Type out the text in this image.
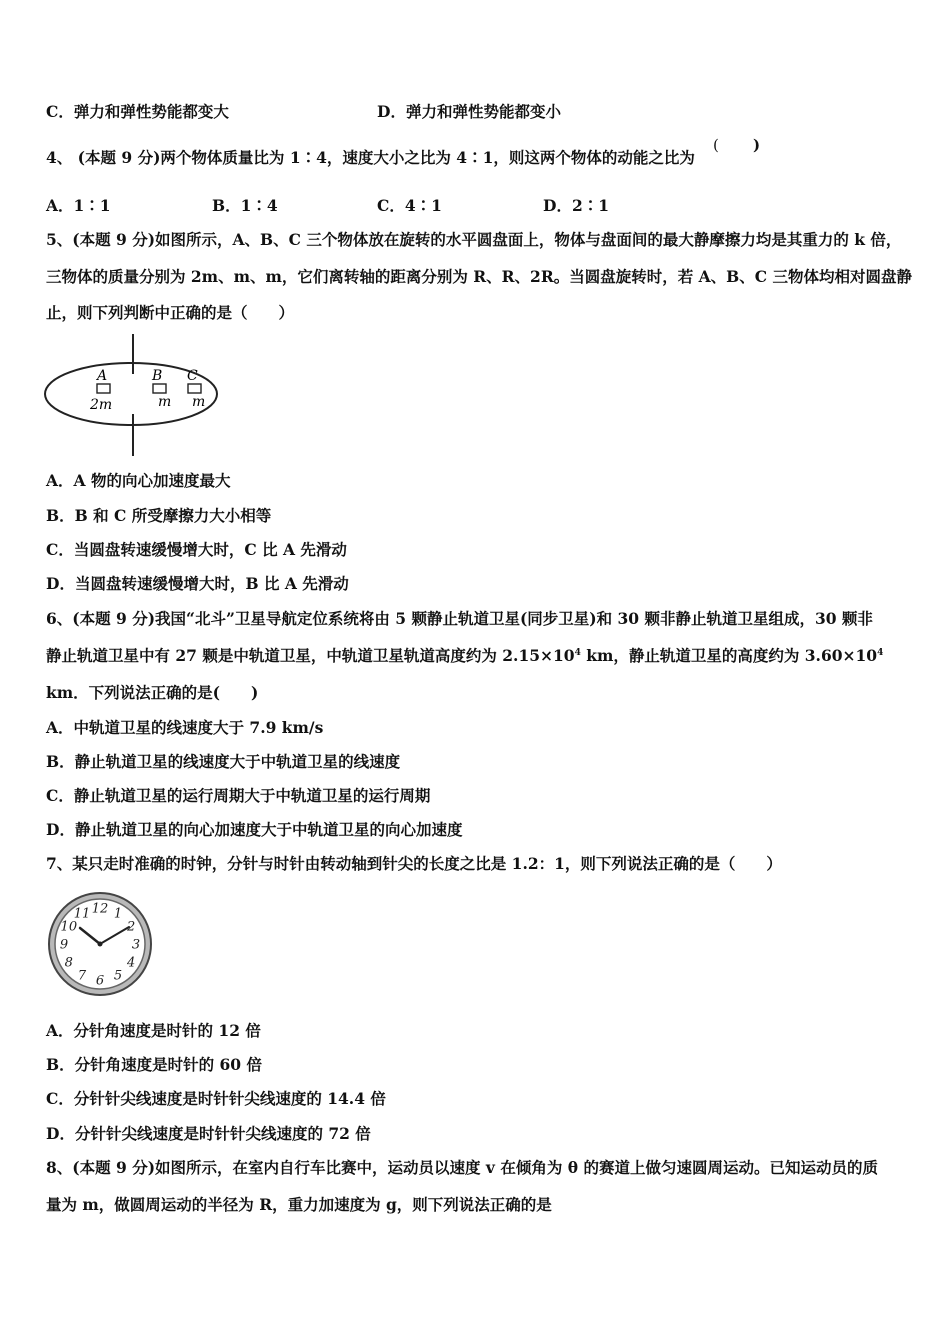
C．弹力和弹性势能都变大	D．弹力和弹性势能都变小
4、 (本题 9 分)两个物体质量比为 1∶4，速度大小之比为 4∶1，则这两个物体的动能之比为
( )
A．1∶1	B．1∶4	C．4∶1	D．2∶1
5、(本题 9 分)如图所示，A、B、C 三个物体放在旋转的水平圆盘面上，物体与盘面间的最大静摩擦力均是其重力的 k 倍，
三物体的质量分别为 2m、m、m，它们离转轴的距离分别为 R、R、2R。当圆盘旋转时，若 A、B、C 三物体均相对圆盘静
止，则下列判断中正确的是（　　）
A	B C
2m	m m
A．A 物的向心加速度最大
B．B 和 C 所受摩擦力大小相等
C．当圆盘转速缓慢增大时，C 比 A 先滑动
D．当圆盘转速缓慢增大时，B 比 A 先滑动
6、(本题 9 分)我国“北斗”卫星导航定位系统将由 5 颗静止轨道卫星(同步卫星)和 30 颗非静止轨道卫星组成，30 颗非
静止轨道卫星中有 27 颗是中轨道卫星，中轨道卫星轨道高度约为 $2.15\times 10^4$ km，静止轨道卫星的高度约为 $3.60\times 10^4$
km．下列说法正确的是(　　)
A．中轨道卫星的线速度大于 7.9 km/s
B．静止轨道卫星的线速度大于中轨道卫星的线速度
C．静止轨道卫星的运行周期大于中轨道卫星的运行周期
D．静止轨道卫星的向心加速度大于中轨道卫星的向心加速度
7、某只走时准确的时钟，分针与时针由转动轴到针尖的长度之比是 1.2：1，则下列说法正确的是（　　）
12 1
2
3
4
5
6
7
8
9
10
11
A．分针角速度是时针的 12 倍
B．分针角速度是时针的 60 倍
C．分针针尖线速度是时针针尖线速度的 14.4 倍
D．分针针尖线速度是时针针尖线速度的 72 倍
8、(本题 9 分)如图所示，在室内自行车比赛中，运动员以速度 v 在倾角为 θ 的赛道上做匀速圆周运动。已知运动员的质
量为 m，做圆周运动的半径为 R，重力加速度为 g，则下列说法正确的是
